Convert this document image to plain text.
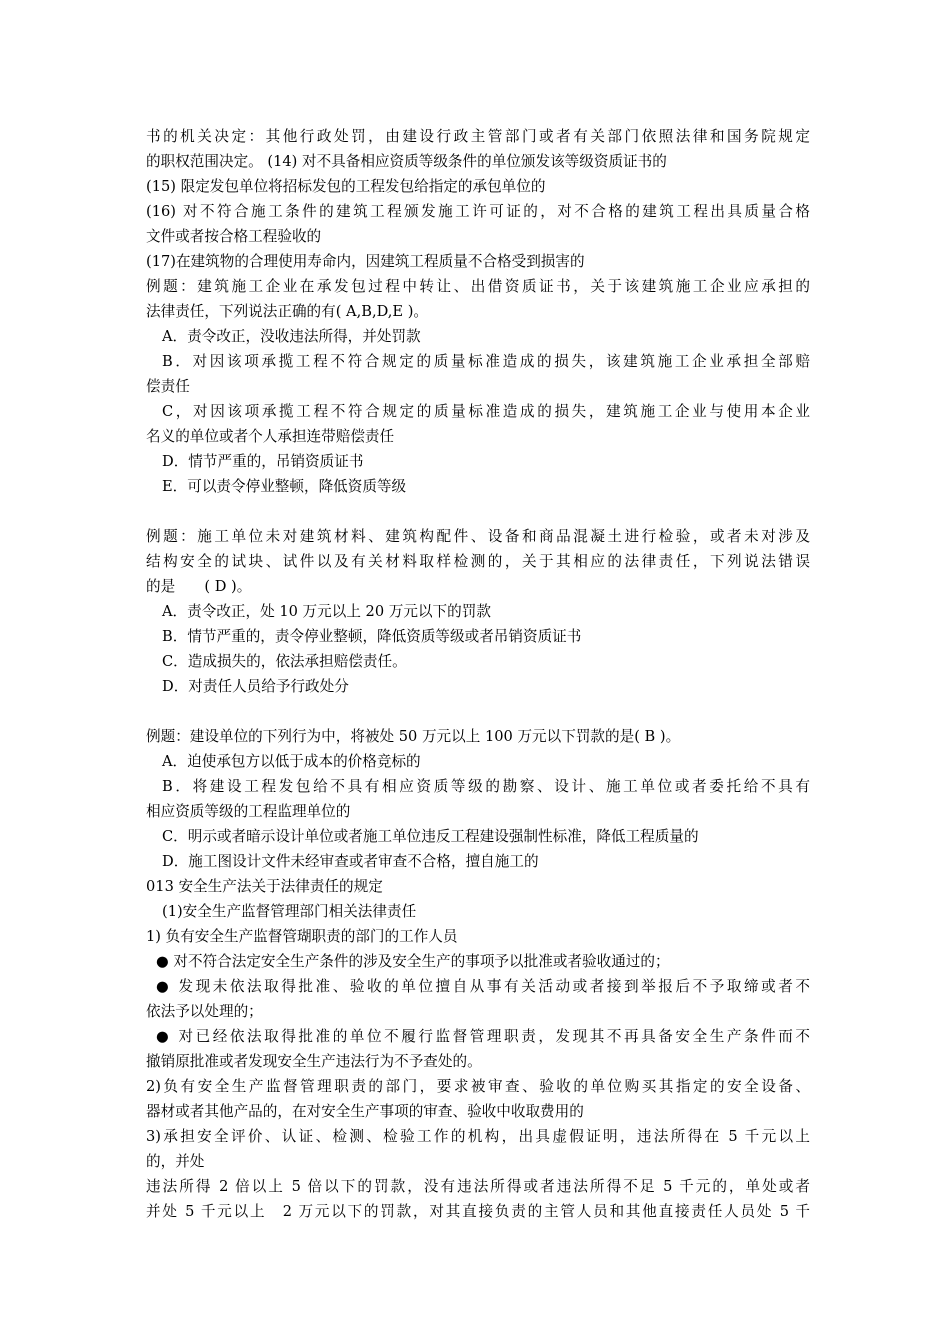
书的机关决定：其他行政处罚，由建设行政主管部门或者有关部门依照法律和国务院规定
的职权范围决定。 (14) 对不具备相应资质等级条件的单位颁发该等级资质证书的
(15) 限定发包单位将招标发包的工程发包给指定的承包单位的
(16) 对不符合施工条件的建筑工程颁发施工许可证的，对不合格的建筑工程出具质量合格
文件或者按合格工程验收的
(17)在建筑物的合理使用寿命内，因建筑工程质量不合格受到损害的
例题：建筑施工企业在承发包过程中转让、出借资质证书，关于该建筑施工企业应承担的
法律责任，下列说法正确的有( A,B,D,E )。
A．责令改正，没收违法所得，并处罚款
B．对因该项承揽工程不符合规定的质量标准造成的损失，该建筑施工企业承担全部赔
偿责任
C，对因该项承揽工程不符合规定的质量标准造成的损失，建筑施工企业与使用本企业
名义的单位或者个人承担连带赔偿责任
D．情节严重的，吊销资质证书
E．可以责令停业整顿，降低资质等级
例题：施工单位未对建筑材料、建筑构配件、设备和商品混凝土进行检验，或者未对涉及
结构安全的试块、试件以及有关材料取样检测的，关于其相应的法律责任，下列说法错误
的是　　( D )。
A．责令改正，处 10 万元以上 20 万元以下的罚款
B．情节严重的，责令停业整顿，降低资质等级或者吊销资质证书
C．造成损失的，依法承担赔偿责任。
D．对责任人员给予行政处分
例题：建设单位的下列行为中，将被处 50 万元以上 100 万元以下罚款的是( B )。
A．迫使承包方以低于成本的价格竞标的
B．将建设工程发包给不具有相应资质等级的勘察、设计、施工单位或者委托给不具有
相应资质等级的工程监理单位的
C．明示或者暗示设计单位或者施工单位违反工程建设强制性标准，降低工程质量的
D．施工图设计文件未经审查或者审查不合格，擅自施工的
013 安全生产法关于法律责任的规定
(1)安全生产监督管理部门相关法律责任
1) 负有安全生产监督管瑚职责的部门的工作人员
● 对不符合法定安全生产条件的涉及安全生产的事项予以批准或者验收通过的；
● 发现未依法取得批准、验收的单位擅自从事有关活动或者接到举报后不予取缔或者不
依法予以处理的；
● 对已经依法取得批准的单位不履行监督管理职责，发现其不再具备安全生产条件而不
撤销原批准或者发现安全生产违法行为不予查处的。
2)负有安全生产监督管理职责的部门，要求被审查、验收的单位购买其指定的安全设备、
器材或者其他产品的，在对安全生产事项的审查、验收中收取费用的
3)承担安全评价、认证、检测、检验工作的机构，出具虚假证明，违法所得在 5 千元以上
的，并处
违法所得 2 倍以上 5 倍以下的罚款，没有违法所得或者违法所得不足 5 千元的，单处或者
并处 5 千元以上　2 万元以下的罚款，对其直接负责的主管人员和其他直接责任人员处 5 千
